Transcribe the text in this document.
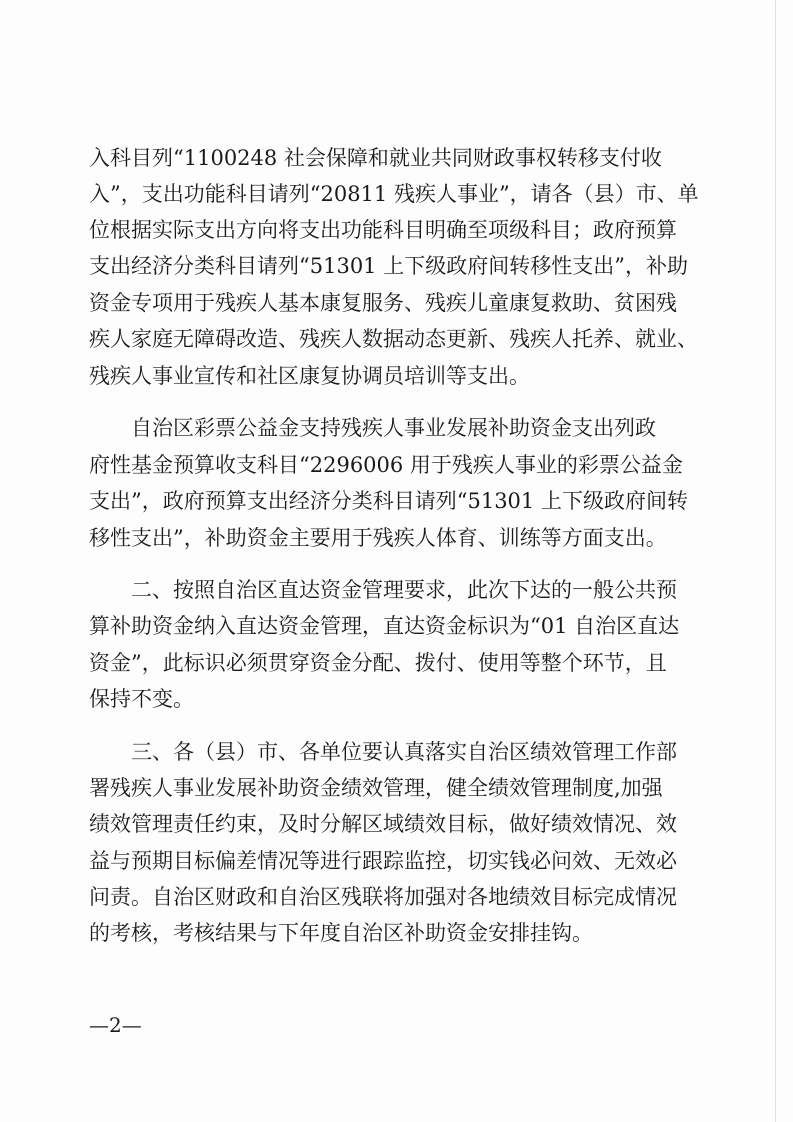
入科目列“1100248 社会保障和就业共同财政事权转移支付收
入”，支出功能科目请列“20811 残疾人事业”，请各（县）市、单
位根据实际支出方向将支出功能科目明确至项级科目；政府预算
支出经济分类科目请列“51301 上下级政府间转移性支出”，补助
资金专项用于残疾人基本康复服务、残疾儿童康复救助、贫困残
疾人家庭无障碍改造、残疾人数据动态更新、残疾人托养、就业、
残疾人事业宣传和社区康复协调员培训等支出。
自治区彩票公益金支持残疾人事业发展补助资金支出列政
府性基金预算收支科目“2296006 用于残疾人事业的彩票公益金
支出”，政府预算支出经济分类科目请列“51301 上下级政府间转
移性支出”，补助资金主要用于残疾人体育、训练等方面支出。
二、按照自治区直达资金管理要求，此次下达的一般公共预
算补助资金纳入直达资金管理，直达资金标识为“01 自治区直达
资金”，此标识必须贯穿资金分配、拨付、使用等整个环节，且
保持不变。
三、各（县）市、各单位要认真落实自治区绩效管理工作部
署残疾人事业发展补助资金绩效管理，健全绩效管理制度,加强
绩效管理责任约束，及时分解区域绩效目标，做好绩效情况、效
益与预期目标偏差情况等进行跟踪监控，切实钱必问效、无效必
问责。自治区财政和自治区残联将加强对各地绩效目标完成情况
的考核，考核结果与下年度自治区补助资金安排挂钩。
—2—
